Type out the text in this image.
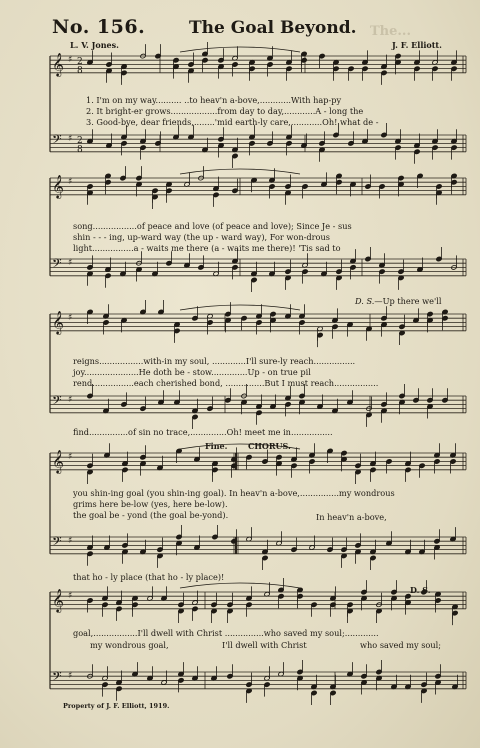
No. 156.	The Goal Beyond. The...
L. V. Jones.	J. F. Elliott.
𝄞
𝄢
♯
♯
2
8
2
8
𝄞
𝄢
♯
♯
𝄞
𝄢
♯
♯
𝄞
𝄢
♯
♯
𝄞
𝄢
♯
♯
1. I'm on my way.......... ..to heav'n a-bove,............With hap-py
2. It bright-er grows..................from day to day,............A - long the
3. Good-bye, dear friends,........'mid earth-ly care,............Oh! what de -
song.................of peace and love (of peace and love); Since Je - sus
shin - - - ing, up-ward way (the up - ward way), For won-drous
light................a - waits me there (a - waits me there)! 'Tis sad to
D. S.—Up there we'll
reigns.................with-in my soul, .............I'll sure-ly reach................
joy.....................He doth be - stow..............Up - on true pil
rend................each cherished bond, ...............But I must reach.................
find...............of sin no trace,..............Oh! meet me in................
Fine.	CHORUS.
you shin-ing goal (you shin-ing goal). In heav'n a-bove,...............my wondrous
grims here be-low (yes, here be-low).
the goal be - yond (the goal be-yond).	In heav'n a-bove,
that ho - ly place (that ho - ly place)!
D. S.
goal,.................I'll dwell with Christ ...............who saved my soul;.............
my wondrous goal,	I'll dwell with Christ	who saved my soul;
Property of J. F. Elliott, 1919.
